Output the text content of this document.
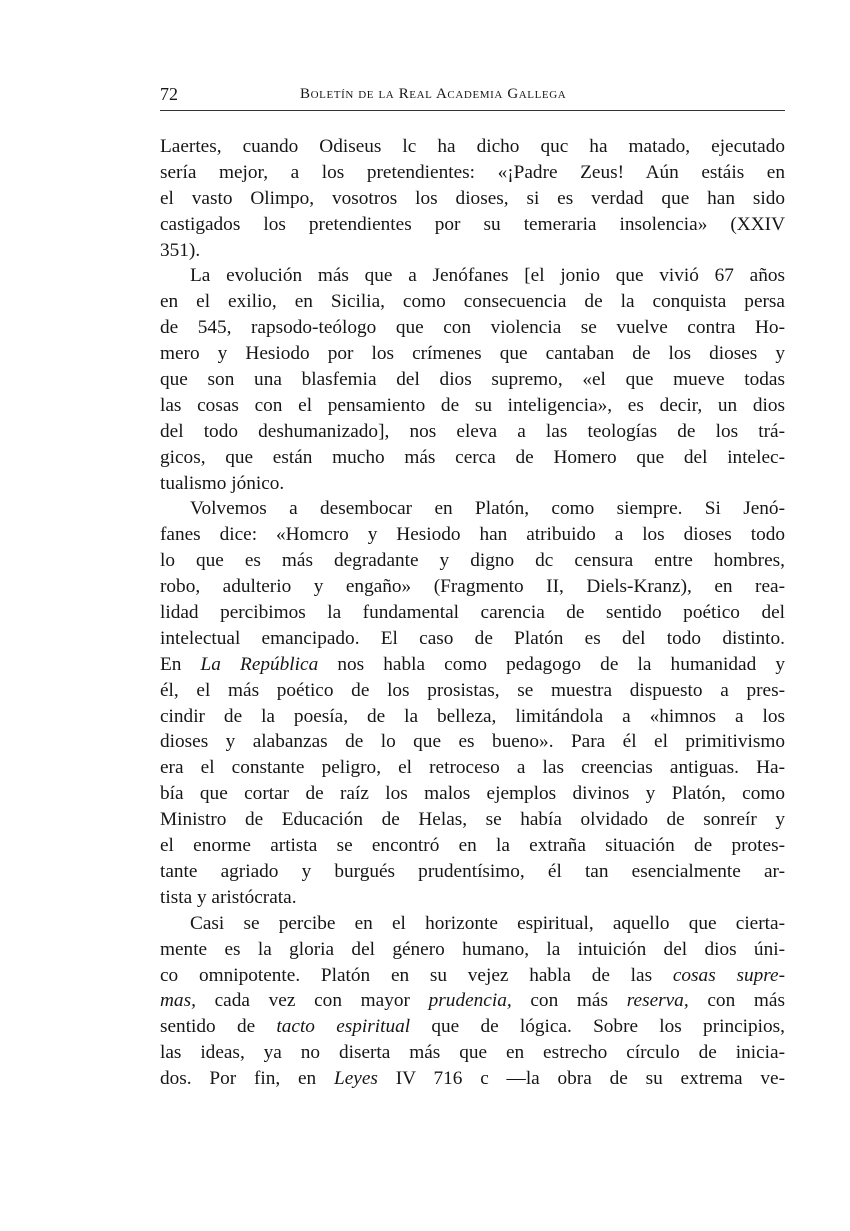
72	Boletín de la Real Academia Gallega
Laertes, cuando Odiseus lc ha dicho quc ha matado, ejecutado
sería mejor, a los pretendientes: «¡Padre Zeus! Aún estáis en
el vasto Olimpo, vosotros los dioses, si es verdad que han sido
castigados los pretendientes por su temeraria insolencia» (XXIV
351).
La evolución más que a Jenófanes [el jonio que vivió 67 años
en el exilio, en Sicilia, como consecuencia de la conquista persa
de 545, rapsodo-teólogo que con violencia se vuelve contra Ho-
mero y Hesiodo por los crímenes que cantaban de los dioses y
que son una blasfemia del dios supremo, «el que mueve todas
las cosas con el pensamiento de su inteligencia», es decir, un dios
del todo deshumanizado], nos eleva a las teologías de los trá-
gicos, que están mucho más cerca de Homero que del intelec-
tualismo jónico.
Volvemos a desembocar en Platón, como siempre. Si Jenó-
fanes dice: «Homcro y Hesiodo han atribuido a los dioses todo
lo que es más degradante y digno dc censura entre hombres,
robo, adulterio y engaño» (Fragmento II, Diels-Kranz), en rea-
lidad percibimos la fundamental carencia de sentido poético del
intelectual emancipado. El caso de Platón es del todo distinto.
En La República nos habla como pedagogo de la humanidad y
él, el más poético de los prosistas, se muestra dispuesto a pres-
cindir de la poesía, de la belleza, limitándola a «himnos a los
dioses y alabanzas de lo que es bueno». Para él el primitivismo
era el constante peligro, el retroceso a las creencias antiguas. Ha-
bía que cortar de raíz los malos ejemplos divinos y Platón, como
Ministro de Educación de Helas, se había olvidado de sonreír y
el enorme artista se encontró en la extraña situación de protes-
tante agriado y burgués prudentísimo, él tan esencialmente ar-
tista y aristócrata.
Casi se percibe en el horizonte espiritual, aquello que cierta-
mente es la gloria del género humano, la intuición del dios úni-
co omnipotente. Platón en su vejez habla de las cosas supre-
mas, cada vez con mayor prudencia, con más reserva, con más
sentido de tacto espiritual que de lógica. Sobre los principios,
las ideas, ya no diserta más que en estrecho círculo de inicia-
dos. Por fin, en Leyes IV 716 c —la obra de su extrema ve-
